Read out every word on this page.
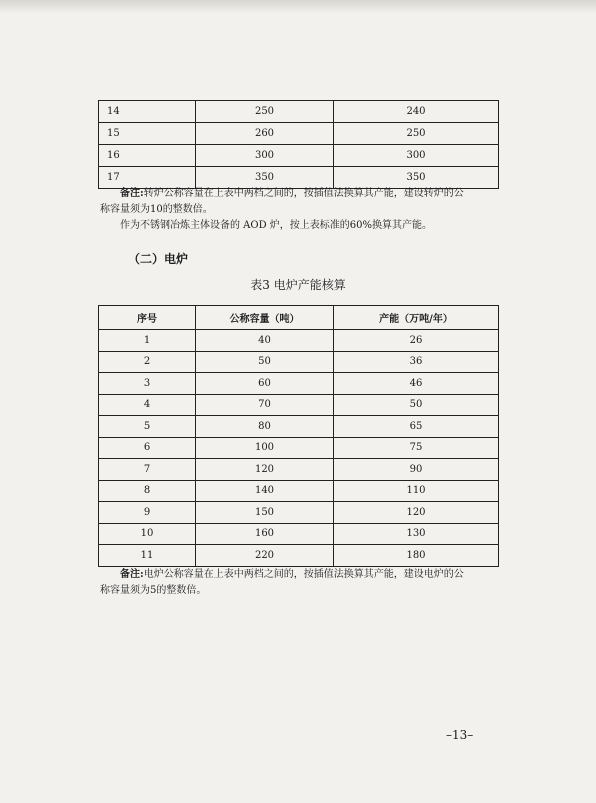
14	250	240
15	260	250
16	300	300
17	350	350
备注:转炉公称容量在上表中两档之间的，按插值法换算其产能，建设转炉的公
称容量须为10的整数倍。
作为不锈钢冶炼主体设备的 AOD 炉，按上表标准的60%换算其产能。
（二）电炉
表3 电炉产能核算
序号	公称容量（吨）	产能（万吨/年）
1	40	26
2	50	36
3	60	46
4	70	50
5	80	65
6	100	75
7	120	90
8	140	110
9	150	120
10	160	130
11	220	180
备注:电炉公称容量在上表中两档之间的，按插值法换算其产能，建设电炉的公
称容量须为5的整数倍。
–13–
